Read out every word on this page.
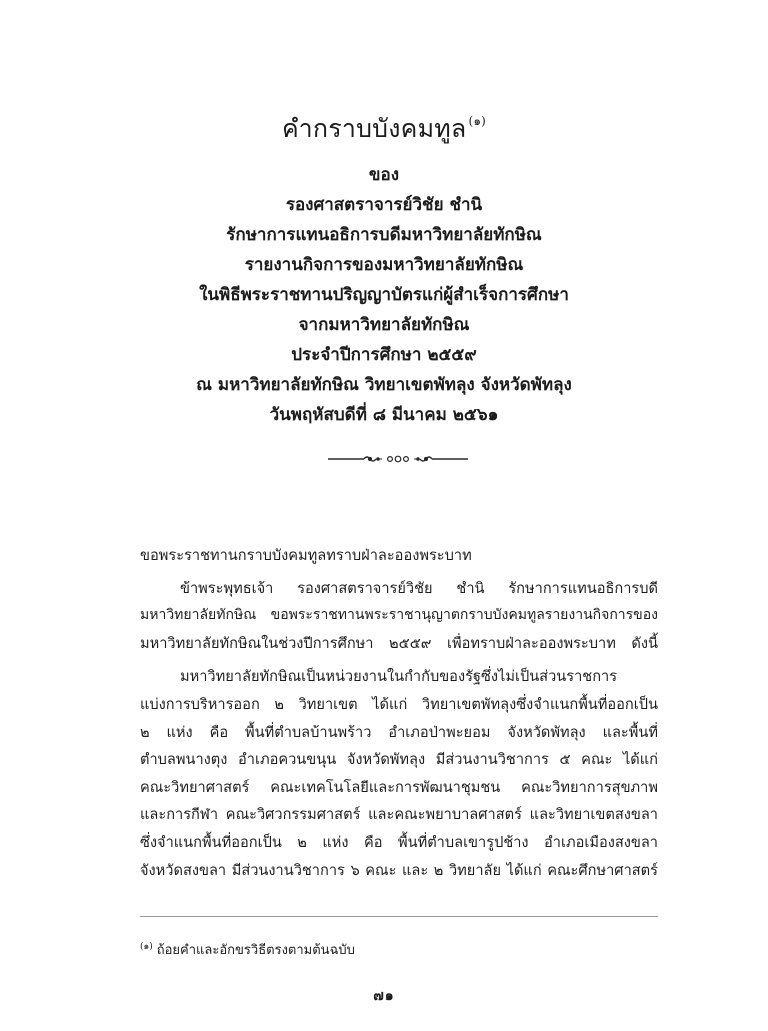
คำกราบบังคมทูล $^{(๑)}$
ของ
รองศาสตราจารย์วิชัย ชำนิ
รักษาการแทนอธิการบดีมหาวิทยาลัยทักษิณ
รายงานกิจการของมหาวิทยาลัยทักษิณ
ในพิธีพระราชทานปริญญาบัตรแก่ผู้สำเร็จการศึกษา
จากมหาวิทยาลัยทักษิณ
ประจำปีการศึกษา ๒๕๕๙
ณ มหาวิทยาลัยทักษิณ วิทยาเขตพัทลุง จังหวัดพัทลุง
วันพฤหัสบดีที่ ๘ มีนาคม ๒๕๖๑

ขอพระราชทานกราบบังคมทูลทราบฝ่าละอองพระบาท

ข้าพระพุทธเจ้า รองศาสตราจารย์วิชัย ชำนิ รักษาการแทนอธิการบดี
มหาวิทยาลัยทักษิณ ขอพระราชทานพระราชานุญาตกราบบังคมทูลรายงานกิจการของ
มหาวิทยาลัยทักษิณในช่วงปีการศึกษา ๒๕๕๙ เพื่อทราบฝ่าละอองพระบาท ดังนี้

มหาวิทยาลัยทักษิณเป็นหน่วยงานในกำกับของรัฐซึ่งไม่เป็นส่วนราชการ
แบ่งการบริหารออก ๒ วิทยาเขต ได้แก่ วิทยาเขตพัทลุงซึ่งจำแนกพื้นที่ออกเป็น
๒ แห่ง คือ พื้นที่ตำบลบ้านพร้าว อำเภอป่าพะยอม จังหวัดพัทลุง และพื้นที่
ตำบลพนางตุง อำเภอควนขนุน จังหวัดพัทลุง มีส่วนงานวิชาการ ๕ คณะ ได้แก่
คณะวิทยาศาสตร์ คณะเทคโนโลยีและการพัฒนาชุมชน คณะวิทยาการสุขภาพ
และการกีฬา คณะวิศวกรรมศาสตร์ และคณะพยาบาลศาสตร์ และวิทยาเขตสงขลา
ซึ่งจำแนกพื้นที่ออกเป็น ๒ แห่ง คือ พื้นที่ตำบลเขารูปช้าง อำเภอเมืองสงขลา
จังหวัดสงขลา มีส่วนงานวิชาการ ๖ คณะ และ ๒ วิทยาลัย ได้แก่ คณะศึกษาศาสตร์

$^{(๑)}$ ถ้อยคำและอักขรวิธีตรงตามต้นฉบับ
๗๑
